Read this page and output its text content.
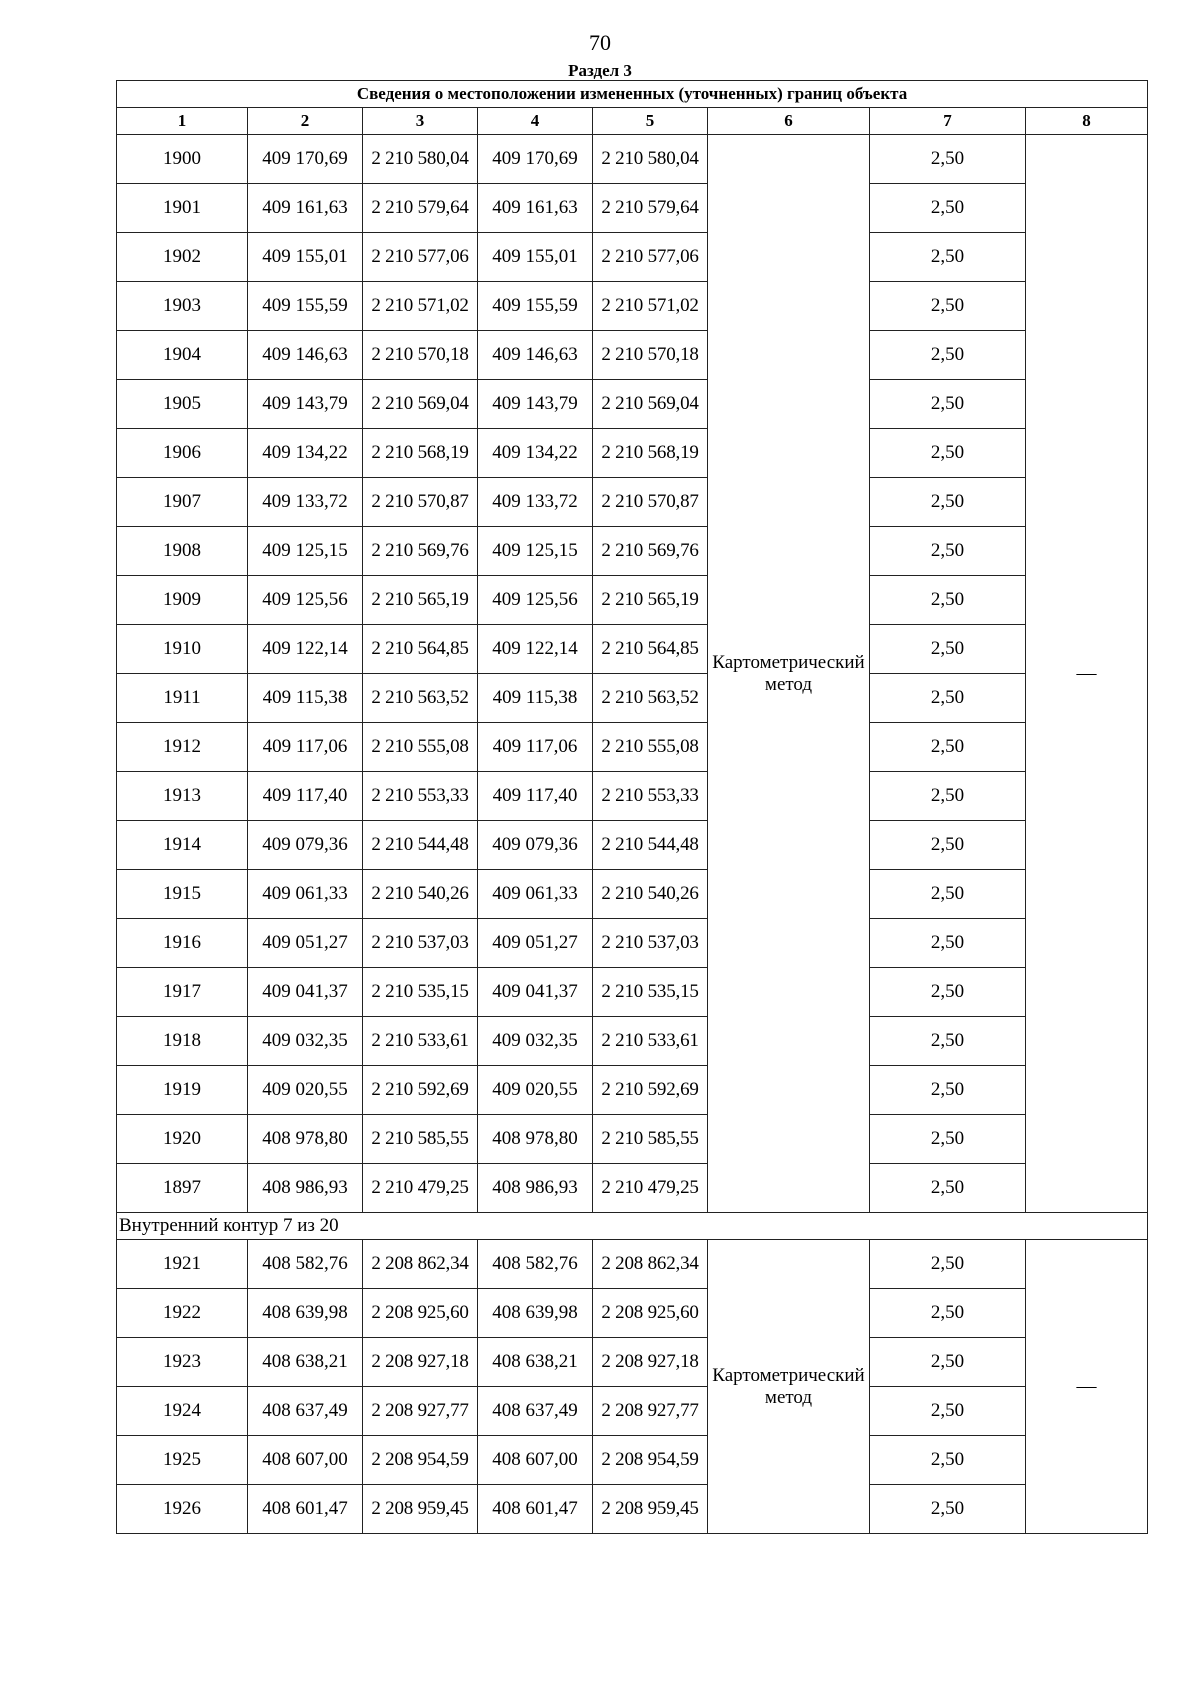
70
Раздел 3
Сведения о местоположении измененных (уточненных) границ объекта							
1	2	3	4	5	6	7	8
1900	409 170,69	2 210 580,04	409 170,69	2 210 580,04	Картометрический метод	2,50	—
1901	409 161,63	2 210 579,64	409 161,63	2 210 579,64		2,50	
1902	409 155,01	2 210 577,06	409 155,01	2 210 577,06		2,50	
1903	409 155,59	2 210 571,02	409 155,59	2 210 571,02		2,50	
1904	409 146,63	2 210 570,18	409 146,63	2 210 570,18		2,50	
1905	409 143,79	2 210 569,04	409 143,79	2 210 569,04		2,50	
1906	409 134,22	2 210 568,19	409 134,22	2 210 568,19		2,50	
1907	409 133,72	2 210 570,87	409 133,72	2 210 570,87		2,50	
1908	409 125,15	2 210 569,76	409 125,15	2 210 569,76		2,50	
1909	409 125,56	2 210 565,19	409 125,56	2 210 565,19		2,50	
1910	409 122,14	2 210 564,85	409 122,14	2 210 564,85		2,50	
1911	409 115,38	2 210 563,52	409 115,38	2 210 563,52		2,50	
1912	409 117,06	2 210 555,08	409 117,06	2 210 555,08		2,50	
1913	409 117,40	2 210 553,33	409 117,40	2 210 553,33		2,50	
1914	409 079,36	2 210 544,48	409 079,36	2 210 544,48		2,50	
1915	409 061,33	2 210 540,26	409 061,33	2 210 540,26		2,50	
1916	409 051,27	2 210 537,03	409 051,27	2 210 537,03		2,50	
1917	409 041,37	2 210 535,15	409 041,37	2 210 535,15		2,50	
1918	409 032,35	2 210 533,61	409 032,35	2 210 533,61		2,50	
1919	409 020,55	2 210 592,69	409 020,55	2 210 592,69		2,50	
1920	408 978,80	2 210 585,55	408 978,80	2 210 585,55		2,50	
1897	408 986,93	2 210 479,25	408 986,93	2 210 479,25		2,50	
Внутренний контур 7 из 20							
1921	408 582,76	2 208 862,34	408 582,76	2 208 862,34	Картометрический метод	2,50	—
1922	408 639,98	2 208 925,60	408 639,98	2 208 925,60		2,50	
1923	408 638,21	2 208 927,18	408 638,21	2 208 927,18		2,50	
1924	408 637,49	2 208 927,77	408 637,49	2 208 927,77		2,50	
1925	408 607,00	2 208 954,59	408 607,00	2 208 954,59		2,50	
1926	408 601,47	2 208 959,45	408 601,47	2 208 959,45		2,50	
